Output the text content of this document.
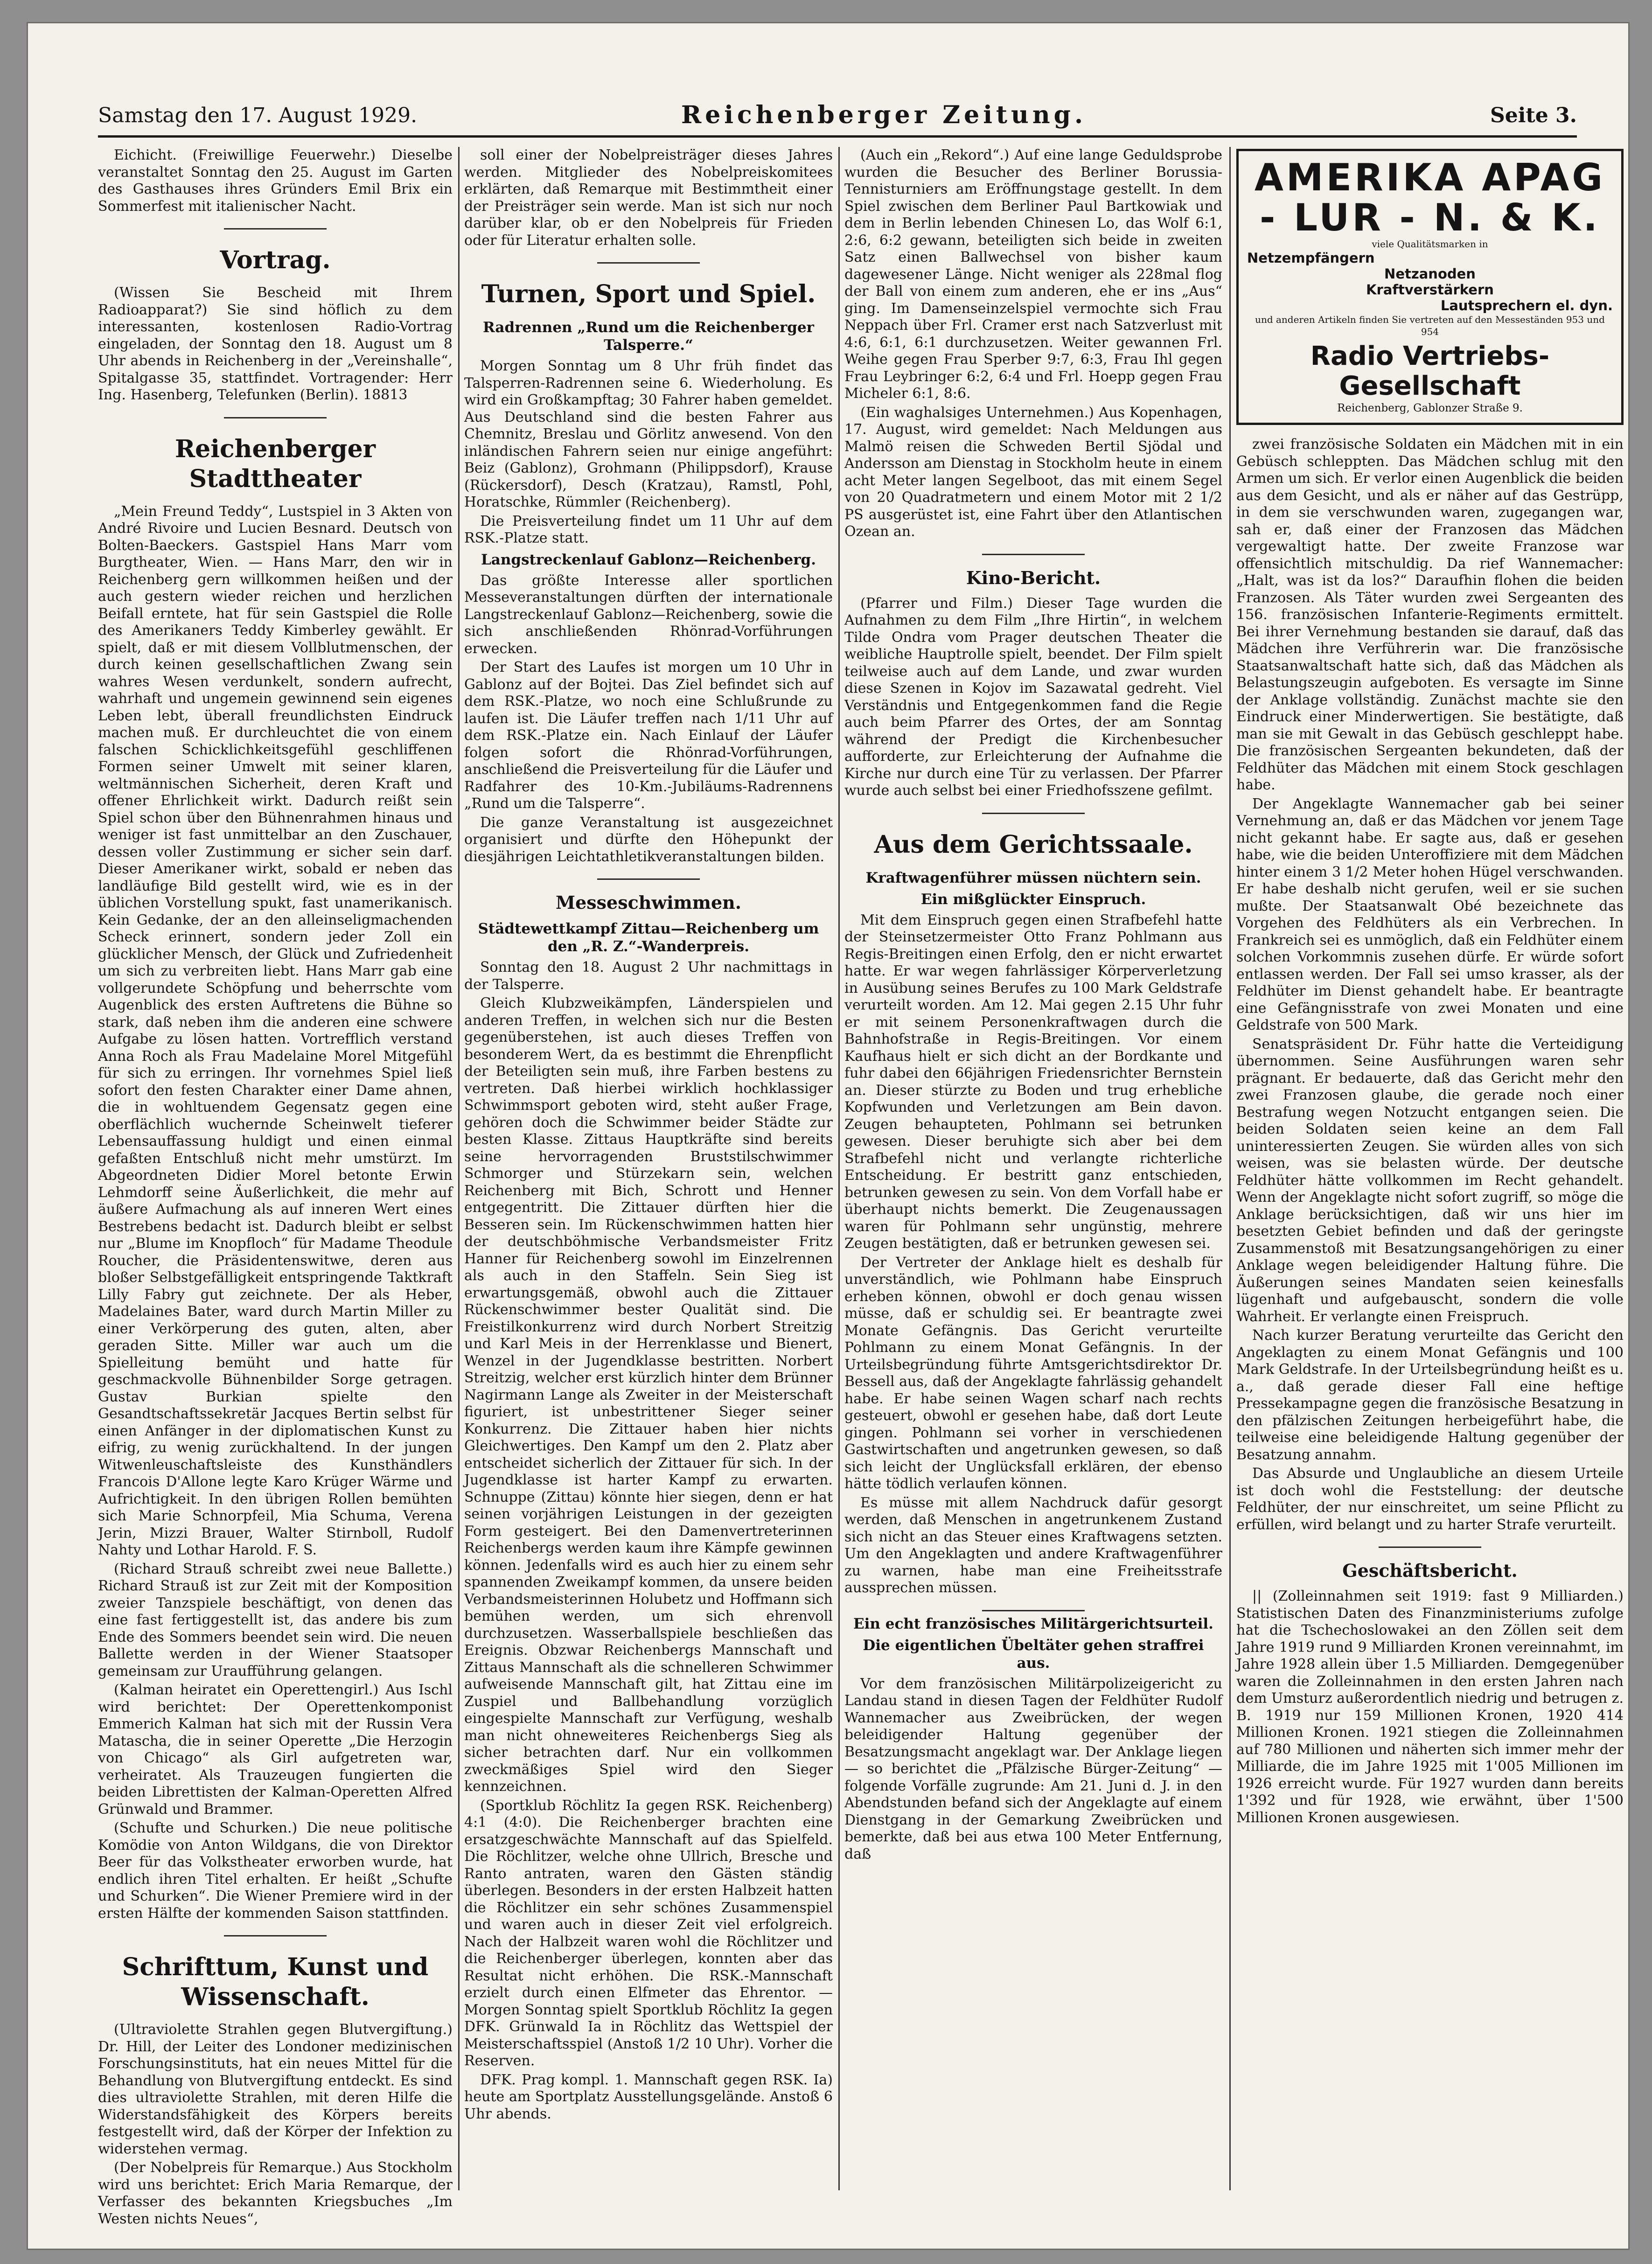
Samstag den 17. August 1929.	Reichenberger Zeitung.	Seite 3.

Eichicht. (Freiwillige Feuerwehr.) Dieselbe veranstaltet Sonntag den 25. August im Garten des Gasthauses ihres Gründers Emil Brix ein Sommerfest mit italienischer Nacht.

Vortrag.

(Wissen Sie Bescheid mit Ihrem Radioapparat?) Sie sind höflich zu dem interessanten, kostenlosen Radio-Vortrag eingeladen, der Sonntag den 18. August um 8 Uhr abends in Reichenberg in der „Vereinshalle“, Spitalgasse 35, stattfindet. Vortragender: Herr Ing. Hasenberg, Telefunken (Berlin). 18813

Reichenberger Stadttheater

„Mein Freund Teddy“, Lustspiel in 3 Akten von André Rivoire und Lucien Besnard. Deutsch von Bolten-Baeckers. Gastspiel Hans Marr vom Burgtheater, Wien. — Hans Marr, den wir in Reichenberg gern willkommen heißen und der auch gestern wieder reichen und herzlichen Beifall erntete, hat für sein Gastspiel die Rolle des Amerikaners Teddy Kimberley gewählt. Er spielt, daß er mit diesem Vollblutmenschen, der durch keinen gesellschaftlichen Zwang sein wahres Wesen verdunkelt, sondern aufrecht, wahrhaft und ungemein gewinnend sein eigenes Leben lebt, überall freundlichsten Eindruck machen muß. Er durchleuchtet die von einem falschen Schicklichkeitsgefühl geschliffenen Formen seiner Umwelt mit seiner klaren, weltmännischen Sicherheit, deren Kraft und offener Ehrlichkeit wirkt. Dadurch reißt sein Spiel schon über den Bühnenrahmen hinaus und weniger ist fast unmittelbar an den Zuschauer, dessen voller Zustimmung er sicher sein darf. Dieser Amerikaner wirkt, sobald er neben das landläufige Bild gestellt wird, wie es in der üblichen Vorstellung spukt, fast unamerikanisch. Kein Gedanke, der an den alleinseligmachenden Scheck erinnert, sondern jeder Zoll ein glücklicher Mensch, der Glück und Zufriedenheit um sich zu verbreiten liebt. Hans Marr gab eine vollgerundete Schöpfung und beherrschte vom Augenblick des ersten Auftretens die Bühne so stark, daß neben ihm die anderen eine schwere Aufgabe zu lösen hatten. Vortrefflich verstand Anna Roch als Frau Madelaine Morel Mitgefühl für sich zu erringen. Ihr vornehmes Spiel ließ sofort den festen Charakter einer Dame ahnen, die in wohltuendem Gegensatz gegen eine oberflächlich wuchernde Scheinwelt tieferer Lebensauffassung huldigt und einen einmal gefaßten Entschluß nicht mehr umstürzt. Im Abgeordneten Didier Morel betonte Erwin Lehmdorff seine Äußerlichkeit, die mehr auf äußere Aufmachung als auf inneren Wert eines Bestrebens bedacht ist. Dadurch bleibt er selbst nur „Blume im Knopfloch“ für Madame Theodule Roucher, die Präsidentenswitwe, deren aus bloßer Selbstgefälligkeit entspringende Taktkraft Lilly Fabry gut zeichnete. Der als Heber, Madelaines Bater, ward durch Martin Miller zu einer Verkörperung des guten, alten, aber geraden Sitte. Miller war auch um die Spielleitung bemüht und hatte für geschmackvolle Bühnenbilder Sorge getragen. Gustav Burkian spielte den Gesandtschaftssekretär Jacques Bertin selbst für einen Anfänger in der diplomatischen Kunst zu eifrig, zu wenig zurückhaltend. In der jungen Witwenleuschaftsleiste des Kunsthändlers Francois D'Allone legte Karo Krüger Wärme und Aufrichtigkeit. In den übrigen Rollen bemühten sich Marie Schnorpfeil, Mia Schuma, Verena Jerin, Mizzi Brauer, Walter Stirnboll, Rudolf Nahty und Lothar Harold. F. S.

(Richard Strauß schreibt zwei neue Ballette.) Richard Strauß ist zur Zeit mit der Komposition zweier Tanzspiele beschäftigt, von denen das eine fast fertiggestellt ist, das andere bis zum Ende des Sommers beendet sein wird. Die neuen Ballette werden in der Wiener Staatsoper gemeinsam zur Uraufführung gelangen.

(Kalman heiratet ein Operettengirl.) Aus Ischl wird berichtet: Der Operettenkomponist Emmerich Kalman hat sich mit der Russin Vera Matascha, die in seiner Operette „Die Herzogin von Chicago“ als Girl aufgetreten war, verheiratet. Als Trauzeugen fungierten die beiden Librettisten der Kalman-Operetten Alfred Grünwald und Brammer.

(Schufte und Schurken.) Die neue politische Komödie von Anton Wildgans, die von Direktor Beer für das Volkstheater erworben wurde, hat endlich ihren Titel erhalten. Er heißt „Schufte und Schurken“. Die Wiener Premiere wird in der ersten Hälfte der kommenden Saison stattfinden.

Schrifttum, Kunst und Wissenschaft.

(Ultraviolette Strahlen gegen Blutvergiftung.) Dr. Hill, der Leiter des Londoner medizinischen Forschungsinstituts, hat ein neues Mittel für die Behandlung von Blutvergiftung entdeckt. Es sind dies ultraviolette Strahlen, mit deren Hilfe die Widerstandsfähigkeit des Körpers bereits festgestellt wird, daß der Körper der Infektion zu widerstehen vermag.

(Der Nobelpreis für Remarque.) Aus Stockholm wird uns berichtet: Erich Maria Remarque, der Verfasser des bekannten Kriegsbuches „Im Westen nichts Neues“,

soll einer der Nobelpreisträger dieses Jahres werden. Mitglieder des Nobelpreiskomitees erklärten, daß Remarque mit Bestimmtheit einer der Preisträger sein werde. Man ist sich nur noch darüber klar, ob er den Nobelpreis für Frieden oder für Literatur erhalten solle.

Turnen, Sport und Spiel.
Radrennen „Rund um die Reichenberger Talsperre.“

Morgen Sonntag um 8 Uhr früh findet das Talsperren-Radrennen seine 6. Wiederholung. Es wird ein Großkampftag; 30 Fahrer haben gemeldet. Aus Deutschland sind die besten Fahrer aus Chemnitz, Breslau und Görlitz anwesend. Von den inländischen Fahrern seien nur einige angeführt: Beiz (Gablonz), Grohmann (Philippsdorf), Krause (Rückersdorf), Desch (Kratzau), Ramstl, Pohl, Horatschke, Rümmler (Reichenberg).

Die Preisverteilung findet um 11 Uhr auf dem RSK.-Platze statt.

Langstreckenlauf Gablonz—Reichenberg.

Das größte Interesse aller sportlichen Messeveranstaltungen dürften der internationale Langstreckenlauf Gablonz—Reichenberg, sowie die sich anschließenden Rhönrad-Vorführungen erwecken.

Der Start des Laufes ist morgen um 10 Uhr in Gablonz auf der Bojtei. Das Ziel befindet sich auf dem RSK.-Platze, wo noch eine Schlußrunde zu laufen ist. Die Läufer treffen nach 1/11 Uhr auf dem RSK.-Platze ein. Nach Einlauf der Läufer folgen sofort die Rhönrad-Vorführungen, anschließend die Preisverteilung für die Läufer und Radfahrer des 10-Km.-Jubiläums-Radrennens „Rund um die Talsperre“.

Die ganze Veranstaltung ist ausgezeichnet organisiert und dürfte den Höhepunkt der diesjährigen Leichtathletikveranstaltungen bilden.

Messeschwimmen.
Städtewettkampf Zittau—Reichenberg um den „R. Z.“-Wanderpreis.

Sonntag den 18. August 2 Uhr nachmittags in der Talsperre.

Gleich Klubzweikämpfen, Länderspielen und anderen Treffen, in welchen sich nur die Besten gegenüberstehen, ist auch dieses Treffen von besonderem Wert, da es bestimmt die Ehrenpflicht der Beteiligten sein muß, ihre Farben bestens zu vertreten. Daß hierbei wirklich hochklassiger Schwimmsport geboten wird, steht außer Frage, gehören doch die Schwimmer beider Städte zur besten Klasse. Zittaus Hauptkräfte sind bereits seine hervorragenden Bruststilschwimmer Schmorger und Stürzekarn sein, welchen Reichenberg mit Bich, Schrott und Henner entgegentritt. Die Zittauer dürften hier die Besseren sein. Im Rückenschwimmen hatten hier der deutschböhmische Verbandsmeister Fritz Hanner für Reichenberg sowohl im Einzelrennen als auch in den Staffeln. Sein Sieg ist erwartungsgemäß, obwohl auch die Zittauer Rückenschwimmer bester Qualität sind. Die Freistilkonkurrenz wird durch Norbert Streitzig und Karl Meis in der Herrenklasse und Bienert, Wenzel in der Jugendklasse bestritten. Norbert Streitzig, welcher erst kürzlich hinter dem Brünner Nagirmann Lange als Zweiter in der Meisterschaft figuriert, ist unbestrittener Sieger seiner Konkurrenz. Die Zittauer haben hier nichts Gleichwertiges. Den Kampf um den 2. Platz aber entscheidet sicherlich der Zittauer für sich. In der Jugendklasse ist harter Kampf zu erwarten. Schnuppe (Zittau) könnte hier siegen, denn er hat seinen vorjährigen Leistungen in der gezeigten Form gesteigert. Bei den Damenvertreterinnen Reichenbergs werden kaum ihre Kämpfe gewinnen können. Jedenfalls wird es auch hier zu einem sehr spannenden Zweikampf kommen, da unsere beiden Verbandsmeisterinnen Holubetz und Hoffmann sich bemühen werden, um sich ehrenvoll durchzusetzen. Wasserballspiele beschließen das Ereignis. Obzwar Reichenbergs Mannschaft und Zittaus Mannschaft als die schnelleren Schwimmer aufweisende Mannschaft gilt, hat Zittau eine im Zuspiel und Ballbehandlung vorzüglich eingespielte Mannschaft zur Verfügung, weshalb man nicht ohneweiteres Reichenbergs Sieg als sicher betrachten darf. Nur ein vollkommen zweckmäßiges Spiel wird den Sieger kennzeichnen.

(Sportklub Röchlitz Ia gegen RSK. Reichenberg) 4:1 (4:0). Die Reichenberger brachten eine ersatzgeschwächte Mannschaft auf das Spielfeld. Die Röchlitzer, welche ohne Ullrich, Bresche und Ranto antraten, waren den Gästen ständig überlegen. Besonders in der ersten Halbzeit hatten die Röchlitzer ein sehr schönes Zusammenspiel und waren auch in dieser Zeit viel erfolgreich. Nach der Halbzeit waren wohl die Röchlitzer und die Reichenberger überlegen, konnten aber das Resultat nicht erhöhen. Die RSK.-Mannschaft erzielt durch einen Elfmeter das Ehrentor. — Morgen Sonntag spielt Sportklub Röchlitz Ia gegen DFK. Grünwald Ia in Röchlitz das Wettspiel der Meisterschaftsspiel (Anstoß 1/2 10 Uhr). Vorher die Reserven.

DFK. Prag kompl. 1. Mannschaft gegen RSK. Ia) heute am Sportplatz Ausstellungsgelände. Anstoß 6 Uhr abends.

(Auch ein „Rekord“.) Auf eine lange Geduldsprobe wurden die Besucher des Berliner Borussia-Tennisturniers am Eröffnungstage gestellt. In dem Spiel zwischen dem Berliner Paul Bartkowiak und dem in Berlin lebenden Chinesen Lo, das Wolf 6:1, 2:6, 6:2 gewann, beteiligten sich beide in zweiten Satz einen Ballwechsel von bisher kaum dagewesener Länge. Nicht weniger als 228mal flog der Ball von einem zum anderen, ehe er ins „Aus“ ging. Im Damenseinzelspiel vermochte sich Frau Neppach über Frl. Cramer erst nach Satzverlust mit 4:6, 6:1, 6:1 durchzusetzen. Weiter gewannen Frl. Weihe gegen Frau Sperber 9:7, 6:3, Frau Ihl gegen Frau Leybringer 6:2, 6:4 und Frl. Hoepp gegen Frau Micheler 6:1, 8:6.

(Ein waghalsiges Unternehmen.) Aus Kopenhagen, 17. August, wird gemeldet: Nach Meldungen aus Malmö reisen die Schweden Bertil Sjödal und Andersson am Dienstag in Stockholm heute in einem acht Meter langen Segelboot, das mit einem Segel von 20 Quadratmetern und einem Motor mit 2 1/2 PS ausgerüstet ist, eine Fahrt über den Atlantischen Ozean an.

Kino-Bericht.

(Pfarrer und Film.) Dieser Tage wurden die Aufnahmen zu dem Film „Ihre Hirtin“, in welchem Tilde Ondra vom Prager deutschen Theater die weibliche Hauptrolle spielt, beendet. Der Film spielt teilweise auch auf dem Lande, und zwar wurden diese Szenen in Kojov im Sazawatal gedreht. Viel Verständnis und Entgegenkommen fand die Regie auch beim Pfarrer des Ortes, der am Sonntag während der Predigt die Kirchenbesucher aufforderte, zur Erleichterung der Aufnahme die Kirche nur durch eine Tür zu verlassen. Der Pfarrer wurde auch selbst bei einer Friedhofsszene gefilmt.

Aus dem Gerichtssaale.
Kraftwagenführer müssen nüchtern sein.
Ein mißglückter Einspruch.

Mit dem Einspruch gegen einen Strafbefehl hatte der Steinsetzermeister Otto Franz Pohlmann aus Regis-Breitingen einen Erfolg, den er nicht erwartet hatte. Er war wegen fahrlässiger Körperverletzung in Ausübung seines Berufes zu 100 Mark Geldstrafe verurteilt worden. Am 12. Mai gegen 2.15 Uhr fuhr er mit seinem Personenkraftwagen durch die Bahnhofstraße in Regis-Breitingen. Vor einem Kaufhaus hielt er sich dicht an der Bordkante und fuhr dabei den 66jährigen Friedensrichter Bernstein an. Dieser stürzte zu Boden und trug erhebliche Kopfwunden und Verletzungen am Bein davon. Zeugen behaupteten, Pohlmann sei betrunken gewesen. Dieser beruhigte sich aber bei dem Strafbefehl nicht und verlangte richterliche Entscheidung. Er bestritt ganz entschieden, betrunken gewesen zu sein. Von dem Vorfall habe er überhaupt nichts bemerkt. Die Zeugenaussagen waren für Pohlmann sehr ungünstig, mehrere Zeugen bestätigten, daß er betrunken gewesen sei.

Der Vertreter der Anklage hielt es deshalb für unverständlich, wie Pohlmann habe Einspruch erheben können, obwohl er doch genau wissen müsse, daß er schuldig sei. Er beantragte zwei Monate Gefängnis. Das Gericht verurteilte Pohlmann zu einem Monat Gefängnis. In der Urteilsbegründung führte Amtsgerichtsdirektor Dr. Bessell aus, daß der Angeklagte fahrlässig gehandelt habe. Er habe seinen Wagen scharf nach rechts gesteuert, obwohl er gesehen habe, daß dort Leute gingen. Pohlmann sei vorher in verschiedenen Gastwirtschaften und angetrunken gewesen, so daß sich leicht der Unglücksfall erklären, der ebenso hätte tödlich verlaufen können.

Es müsse mit allem Nachdruck dafür gesorgt werden, daß Menschen in angetrunkenem Zustand sich nicht an das Steuer eines Kraftwagens setzten. Um den Angeklagten und andere Kraftwagenführer zu warnen, habe man eine Freiheitsstrafe aussprechen müssen.

Ein echt französisches Militärgerichtsurteil.
Die eigentlichen Übeltäter gehen straffrei aus.

Vor dem französischen Militärpolizeigericht zu Landau stand in diesen Tagen der Feldhüter Rudolf Wannemacher aus Zweibrücken, der wegen beleidigender Haltung gegenüber der Besatzungsmacht angeklagt war. Der Anklage liegen — so berichtet die „Pfälzische Bürger-Zeitung“ — folgende Vorfälle zugrunde: Am 21. Juni d. J. in den Abendstunden befand sich der Angeklagte auf einem Dienstgang in der Gemarkung Zweibrücken und bemerkte, daß bei aus etwa 100 Meter Entfernung, daß

AMERIKA APAG - LUR - N. & K.
viele Qualitätsmarken in
Netzempfängern
Netzanoden
Kraftverstärkern
Lautsprechern el. dyn.
und anderen Artikeln finden Sie vertreten auf den Messeständen 953 und 954
Radio Vertriebs-Gesellschaft
Reichenberg, Gablonzer Straße 9.

zwei französische Soldaten ein Mädchen mit in ein Gebüsch schleppten. Das Mädchen schlug mit den Armen um sich. Er verlor einen Augenblick die beiden aus dem Gesicht, und als er näher auf das Gestrüpp, in dem sie verschwunden waren, zugegangen war, sah er, daß einer der Franzosen das Mädchen vergewaltigt hatte. Der zweite Franzose war offensichtlich mitschuldig. Da rief Wannemacher: „Halt, was ist da los?“ Daraufhin flohen die beiden Franzosen. Als Täter wurden zwei Sergeanten des 156. französischen Infanterie-Regiments ermittelt. Bei ihrer Vernehmung bestanden sie darauf, daß das Mädchen ihre Verführerin war. Die französische Staatsanwaltschaft hatte sich, daß das Mädchen als Belastungszeugin aufgeboten. Es versagte im Sinne der Anklage vollständig. Zunächst machte sie den Eindruck einer Minderwertigen. Sie bestätigte, daß man sie mit Gewalt in das Gebüsch geschleppt habe. Die französischen Sergeanten bekundeten, daß der Feldhüter das Mädchen mit einem Stock geschlagen habe.

Der Angeklagte Wannemacher gab bei seiner Vernehmung an, daß er das Mädchen vor jenem Tage nicht gekannt habe. Er sagte aus, daß er gesehen habe, wie die beiden Unteroffiziere mit dem Mädchen hinter einem 3 1/2 Meter hohen Hügel verschwanden. Er habe deshalb nicht gerufen, weil er sie suchen mußte. Der Staatsanwalt Obé bezeichnete das Vorgehen des Feldhüters als ein Verbrechen. In Frankreich sei es unmöglich, daß ein Feldhüter einem solchen Vorkommnis zusehen dürfe. Er würde sofort entlassen werden. Der Fall sei umso krasser, als der Feldhüter im Dienst gehandelt habe. Er beantragte eine Gefängnisstrafe von zwei Monaten und eine Geldstrafe von 500 Mark.

Senatspräsident Dr. Führ hatte die Verteidigung übernommen. Seine Ausführungen waren sehr prägnant. Er bedauerte, daß das Gericht mehr den zwei Franzosen glaube, die gerade noch einer Bestrafung wegen Notzucht entgangen seien. Die beiden Soldaten seien keine an dem Fall uninteressierten Zeugen. Sie würden alles von sich weisen, was sie belasten würde. Der deutsche Feldhüter hätte vollkommen im Recht gehandelt. Wenn der Angeklagte nicht sofort zugriff, so möge die Anklage berücksichtigen, daß wir uns hier im besetzten Gebiet befinden und daß der geringste Zusammenstoß mit Besatzungsangehörigen zu einer Anklage wegen beleidigender Haltung führe. Die Äußerungen seines Mandaten seien keinesfalls lügenhaft und aufgebauscht, sondern die volle Wahrheit. Er verlangte einen Freispruch.

Nach kurzer Beratung verurteilte das Gericht den Angeklagten zu einem Monat Gefängnis und 100 Mark Geldstrafe. In der Urteilsbegründung heißt es u. a., daß gerade dieser Fall eine heftige Pressekampagne gegen die französische Besatzung in den pfälzischen Zeitungen herbeigeführt habe, die teilweise eine beleidigende Haltung gegenüber der Besatzung annahm.

Das Absurde und Unglaubliche an diesem Urteile ist doch wohl die Feststellung: der deutsche Feldhüter, der nur einschreitet, um seine Pflicht zu erfüllen, wird belangt und zu harter Strafe verurteilt.

Geschäftsbericht.

|| (Zolleinnahmen seit 1919: fast 9 Milliarden.) Statistischen Daten des Finanzministeriums zufolge hat die Tschechoslowakei an den Zöllen seit dem Jahre 1919 rund 9 Milliarden Kronen vereinnahmt, im Jahre 1928 allein über 1.5 Milliarden. Demgegenüber waren die Zolleinnahmen in den ersten Jahren nach dem Umsturz außerordentlich niedrig und betrugen z. B. 1919 nur 159 Millionen Kronen, 1920 414 Millionen Kronen. 1921 stiegen die Zolleinnahmen auf 780 Millionen und näherten sich immer mehr der Milliarde, die im Jahre 1925 mit 1'005 Millionen im 1926 erreicht wurde. Für 1927 wurden dann bereits 1'392 und für 1928, wie erwähnt, über 1'500 Millionen Kronen ausgewiesen.
